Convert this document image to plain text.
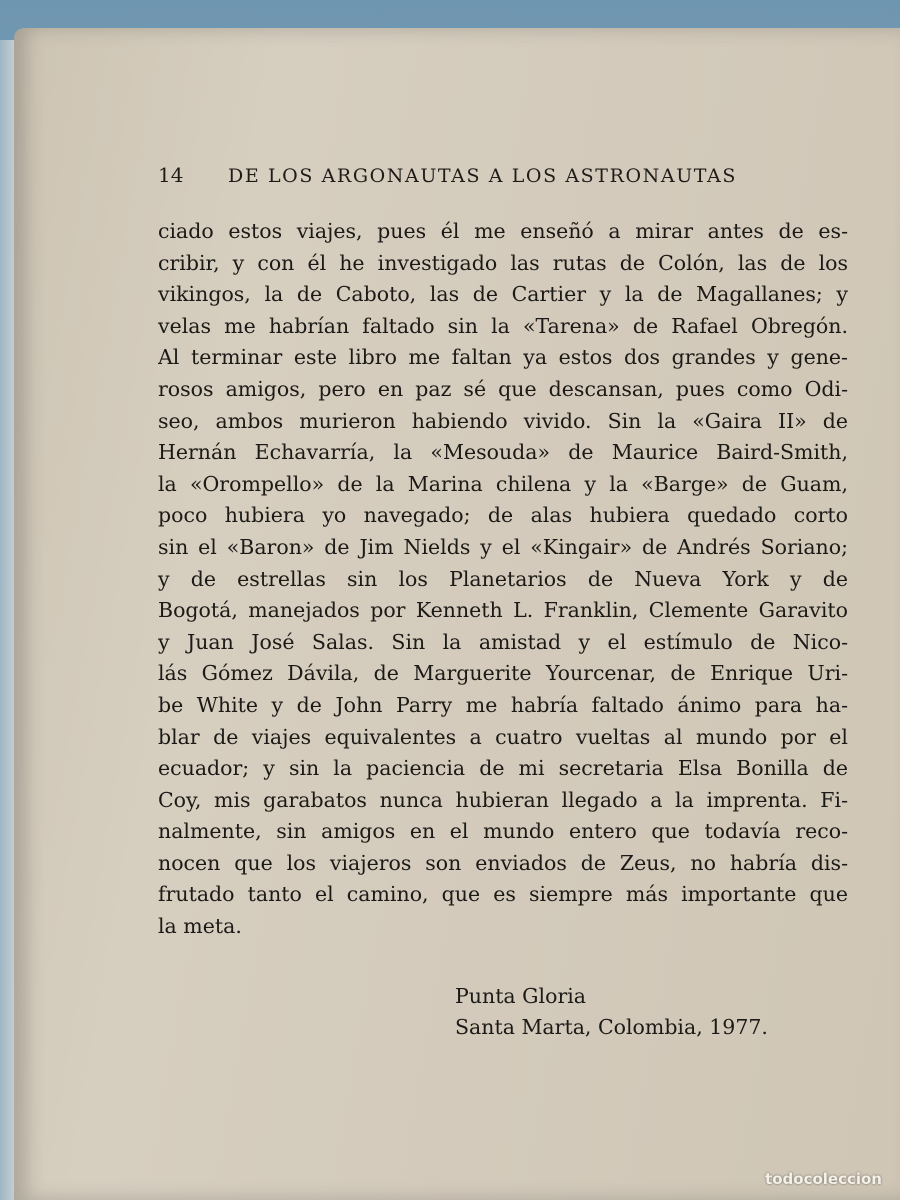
14 DE LOS ARGONAUTAS A LOS ASTRONAUTAS

ciado estos viajes, pues él me enseñó a mirar antes de es-
cribir, y con él he investigado las rutas de Colón, las de los
vikingos, la de Caboto, las de Cartier y la de Magallanes; y
velas me habrían faltado sin la «Tarena» de Rafael Obregón.
Al terminar este libro me faltan ya estos dos grandes y gene-
rosos amigos, pero en paz sé que descansan, pues como Odi-
seo, ambos murieron habiendo vivido. Sin la «Gaira II» de
Hernán Echavarría, la «Mesouda» de Maurice Baird-Smith,
la «Orompello» de la Marina chilena y la «Barge» de Guam,
poco hubiera yo navegado; de alas hubiera quedado corto
sin el «Baron» de Jim Nields y el «Kingair» de Andrés Soriano;
y de estrellas sin los Planetarios de Nueva York y de
Bogotá, manejados por Kenneth L. Franklin, Clemente Garavito
y Juan José Salas. Sin la amistad y el estímulo de Nico-
lás Gómez Dávila, de Marguerite Yourcenar, de Enrique Uri-
be White y de John Parry me habría faltado ánimo para ha-
blar de viajes equivalentes a cuatro vueltas al mundo por el
ecuador; y sin la paciencia de mi secretaria Elsa Bonilla de
Coy, mis garabatos nunca hubieran llegado a la imprenta. Fi-
nalmente, sin amigos en el mundo entero que todavía reco-
nocen que los viajeros son enviados de Zeus, no habría dis-
frutado tanto el camino, que es siempre más importante que
la meta.

Punta Gloria
Santa Marta, Colombia, 1977.
todocoleccion
